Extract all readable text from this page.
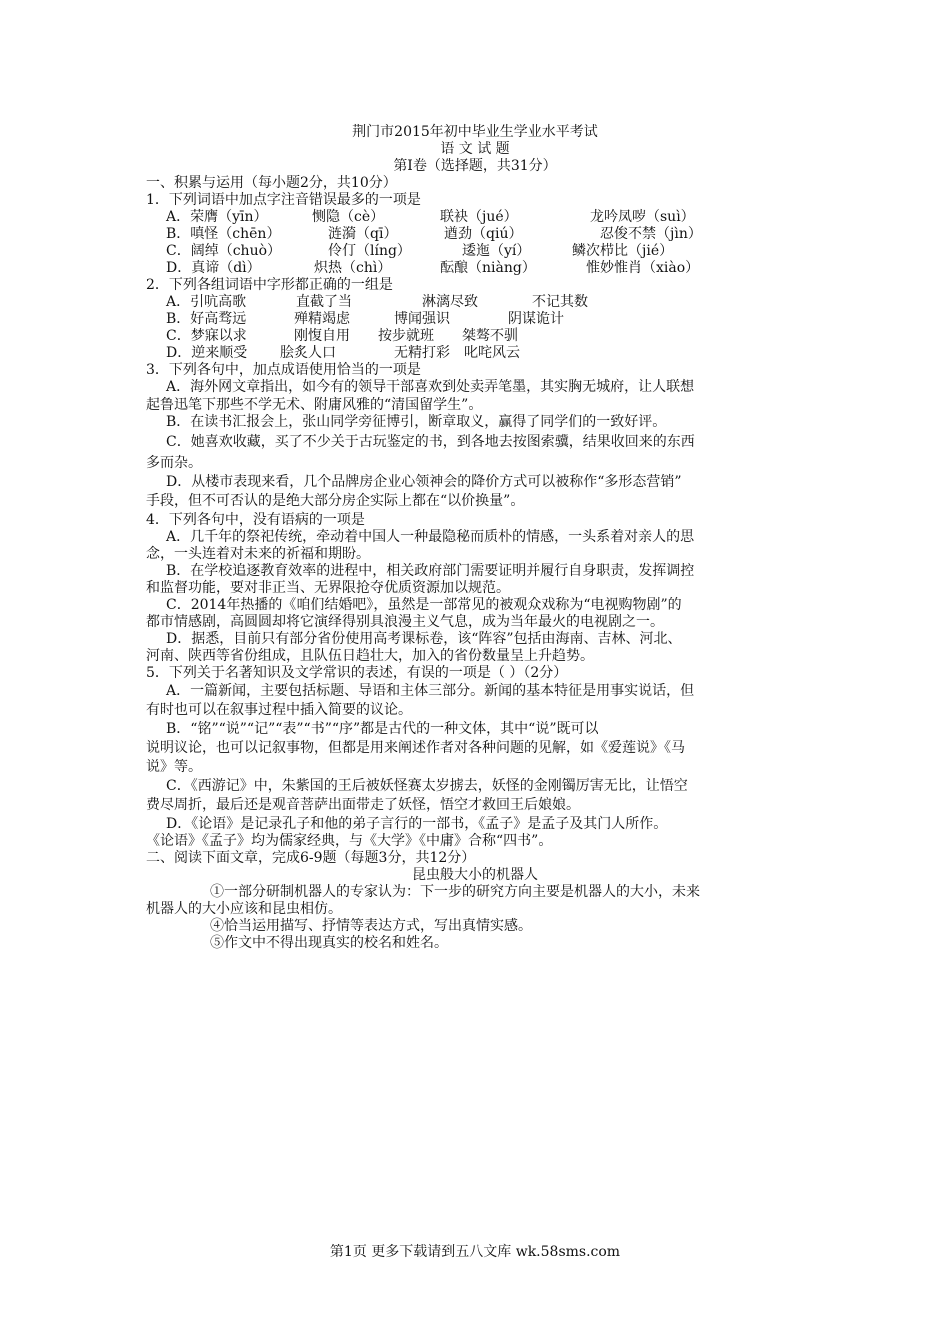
荆门市2015年初中毕业生学业水平考试
语 文 试 题
第Ⅰ卷（选择题，共31分）
一、积累与运用（每小题2分，共10分）
1．下列词语中加点字注音错误最多的一项是
A．荣膺（yīn）	恻隐（cè）	联袂（jué）	龙吟凤哕（suì）
B．嗔怪（chēn）	涟漪（qī）	遒劲（qiú）	忍俊不禁（jìn）
C．阔绰（chuò）	伶仃（líng）	逶迤（yí）	鳞次栉比（jié）
D．真谛（dì）	炽热（chì）	酝酿（niàng）	惟妙惟肖（xiào）
2．下列各组词语中字形都正确的一组是
A．引吭高歌	直截了当	淋漓尽致	不记其数
B．好高骛远	殚精竭虑	博闻强识	阴谋诡计
C．梦寐以求	刚愎自用 按步就班 桀骜不驯
D．逆来顺受 脍炙人口	无精打彩 叱咤风云
3．下列各句中，加点成语使用恰当的一项是
A．海外网文章指出，如今有的领导干部喜欢到处卖弄笔墨，其实胸无城府，让人联想
起鲁迅笔下那些不学无术、附庸风雅的“清国留学生”。
B．在读书汇报会上，张山同学旁征博引，断章取义，赢得了同学们的一致好评。
C．她喜欢收藏，买了不少关于古玩鉴定的书，到各地去按图索骥，结果收回来的东西
多而杂。
D．从楼市表现来看，几个品牌房企业心领神会的降价方式可以被称作“多形态营销”
手段，但不可否认的是绝大部分房企实际上都在“以价换量”。
4．下列各句中，没有语病的一项是
A．几千年的祭祀传统，牵动着中国人一种最隐秘而质朴的情感，一头系着对亲人的思
念，一头连着对未来的祈福和期盼。
B．在学校追逐教育效率的进程中，相关政府部门需要证明并履行自身职责，发挥调控
和监督功能，要对非正当、无界限抢夺优质资源加以规范。
C．2014年热播的《咱们结婚吧》，虽然是一部常见的被观众戏称为“电视购物剧”的
都市情感剧，高圆圆却将它演绎得别具浪漫主义气息，成为当年最火的电视剧之一。
D．据悉，目前只有部分省份使用高考课标卷，该“阵容”包括由海南、吉林、河北、
河南、陕西等省份组成，且队伍日趋壮大，加入的省份数量呈上升趋势。
5．下列关于名著知识及文学常识的表述，有误的一项是（ ）（2分）
A．一篇新闻，主要包括标题、导语和主体三部分。新闻的基本特征是用事实说话，但
有时也可以在叙事过程中插入简要的议论。
B．“铭”“说”“记”“表”“书”“序”都是古代的一种文体，其中“说”既可以
说明议论，也可以记叙事物，但都是用来阐述作者对各种问题的见解，如《爱莲说》《马
说》等。
C．《西游记》中，朱紫国的王后被妖怪赛太岁掳去，妖怪的金刚镯厉害无比，让悟空
费尽周折，最后还是观音菩萨出面带走了妖怪，悟空才救回王后娘娘。
D．《论语》是记录孔子和他的弟子言行的一部书，《孟子》是孟子及其门人所作。
《论语》《孟子》均为儒家经典，与《大学》《中庸》合称“四书”。
二、阅读下面文章，完成6-9题（每题3分，共12分）
昆虫般大小的机器人
①一部分研制机器人的专家认为：下一步的研究方向主要是机器人的大小，未来
机器人的大小应该和昆虫相仿。
④恰当运用描写、抒情等表达方式，写出真情实感。
⑤作文中不得出现真实的校名和姓名。
第1页 更多下载请到五八文库 wk.58sms.com
